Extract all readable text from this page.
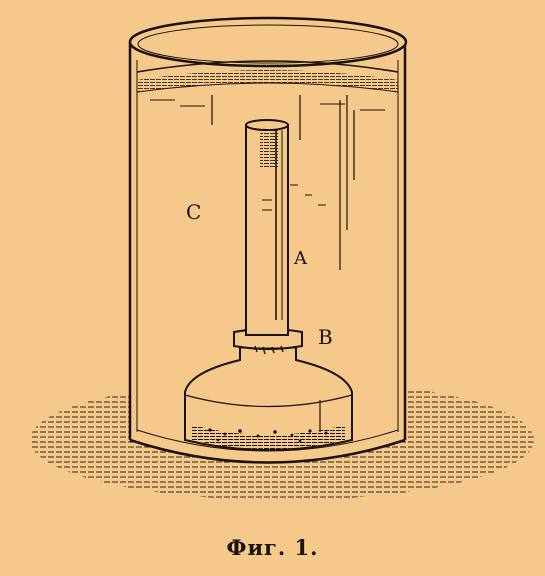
C
A
B
Фиг. 1.
